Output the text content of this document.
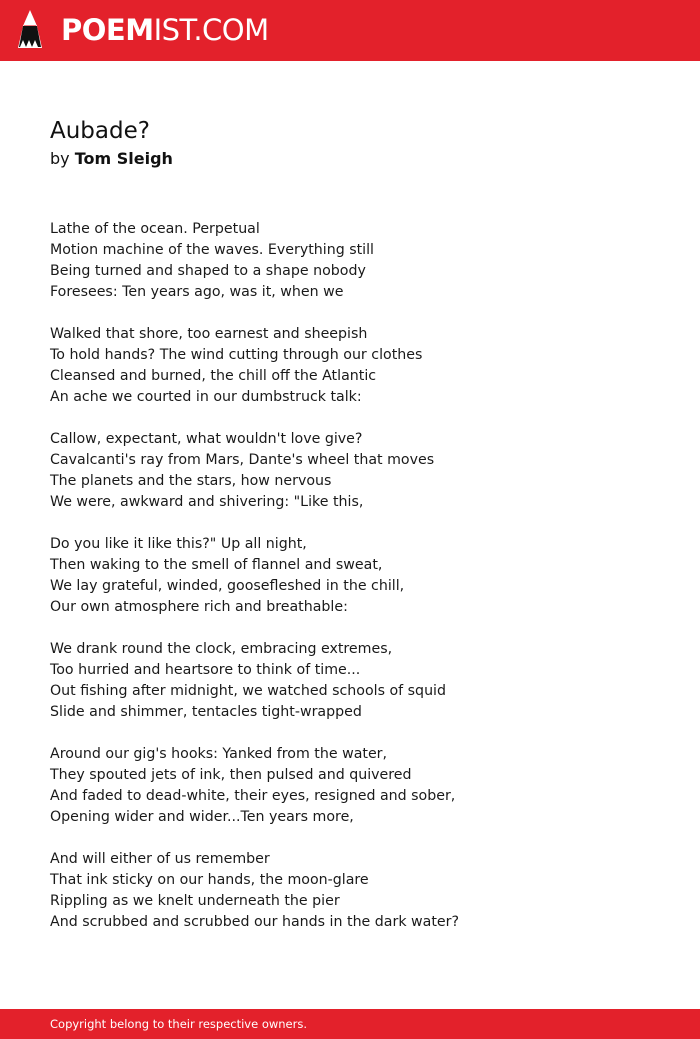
POEMIST.COM
Aubade?
by Tom Sleigh
Lathe of the ocean. Perpetual
Motion machine of the waves. Everything still
Being turned and shaped to a shape nobody
Foresees: Ten years ago, was it, when we
Walked that shore, too earnest and sheepish
To hold hands? The wind cutting through our clothes
Cleansed and burned, the chill off the Atlantic
An ache we courted in our dumbstruck talk:
Callow, expectant, what wouldn't love give?
Cavalcanti's ray from Mars, Dante's wheel that moves
The planets and the stars, how nervous
We were, awkward and shivering: "Like this,
Do you like it like this?" Up all night,
Then waking to the smell of flannel and sweat,
We lay grateful, winded, goosefleshed in the chill,
Our own atmosphere rich and breathable:
We drank round the clock, embracing extremes,
Too hurried and heartsore to think of time...
Out fishing after midnight, we watched schools of squid
Slide and shimmer, tentacles tight-wrapped
Around our gig's hooks: Yanked from the water,
They spouted jets of ink, then pulsed and quivered
And faded to dead-white, their eyes, resigned and sober,
Opening wider and wider...Ten years more,
And will either of us remember
That ink sticky on our hands, the moon-glare
Rippling as we knelt underneath the pier
And scrubbed and scrubbed our hands in the dark water?
Copyright belong to their respective owners.
